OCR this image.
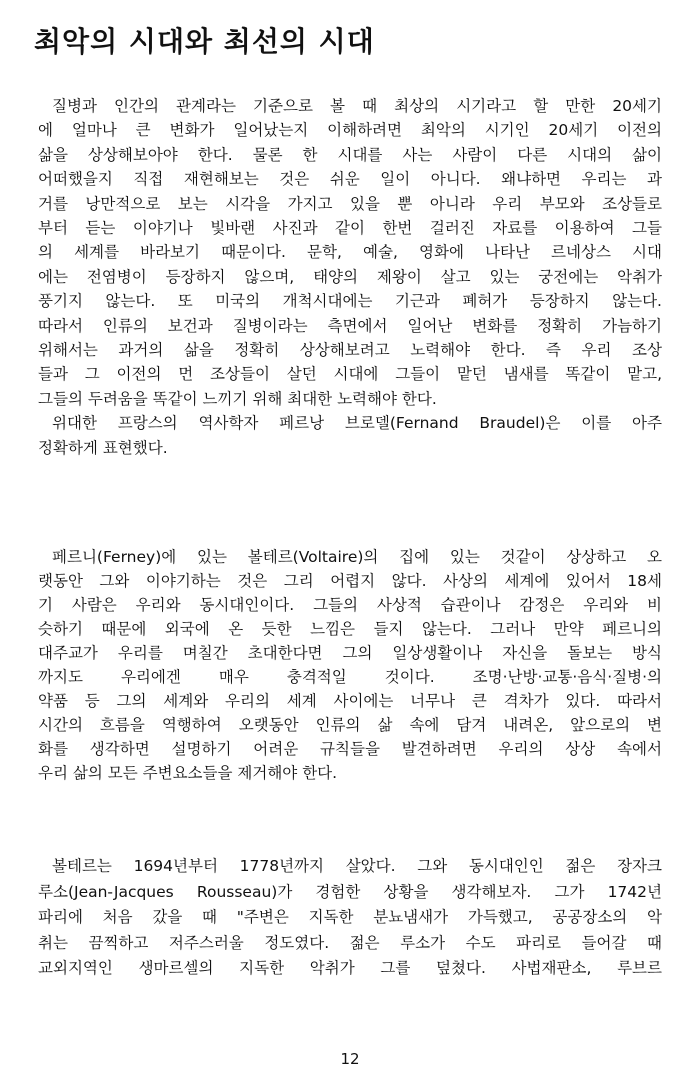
최악의 시대와 최선의 시대
질병과 인간의 관계라는 기준으로 볼 때 최상의 시기라고 할 만한 20세기
에 얼마나 큰 변화가 일어났는지 이해하려면 최악의 시기인 20세기 이전의
삶을 상상해보아야 한다. 물론 한 시대를 사는 사람이 다른 시대의 삶이
어떠했을지 직접 재현해보는 것은 쉬운 일이 아니다. 왜냐하면 우리는 과
거를 낭만적으로 보는 시각을 가지고 있을 뿐 아니라 우리 부모와 조상들로
부터 듣는 이야기나 빛바랜 사진과 같이 한번 걸러진 자료를 이용하여 그들
의 세계를 바라보기 때문이다. 문학, 예술, 영화에 나타난 르네상스 시대
에는 전염병이 등장하지 않으며, 태양의 제왕이 살고 있는 궁전에는 악취가
풍기지 않는다. 또 미국의 개척시대에는 기근과 폐허가 등장하지 않는다.
따라서 인류의 보건과 질병이라는 측면에서 일어난 변화를 정확히 가늠하기
위해서는 과거의 삶을 정확히 상상해보려고 노력해야 한다. 즉 우리 조상
들과 그 이전의 먼 조상들이 살던 시대에 그들이 맡던 냄새를 똑같이 맡고,
그들의 두려움을 똑같이 느끼기 위해 최대한 노력해야 한다.
위대한 프랑스의 역사학자 페르낭 브로델(Fernand Braudel)은 이를 아주
정확하게 표현했다.
페르니(Ferney)에 있는 볼테르(Voltaire)의 집에 있는 것같이 상상하고 오
랫동안 그와 이야기하는 것은 그리 어렵지 않다. 사상의 세계에 있어서 18세
기 사람은 우리와 동시대인이다. 그들의 사상적 습관이나 감정은 우리와 비
슷하기 때문에 외국에 온 듯한 느낌은 들지 않는다. 그러나 만약 페르니의
대주교가 우리를 며칠간 초대한다면 그의 일상생활이나 자신을 돌보는 방식
까지도 우리에겐 매우 충격적일 것이다. 조명·난방·교통·음식·질병·의
약품 등 그의 세계와 우리의 세계 사이에는 너무나 큰 격차가 있다. 따라서
시간의 흐름을 역행하여 오랫동안 인류의 삶 속에 담겨 내려온, 앞으로의 변
화를 생각하면 설명하기 어려운 규칙들을 발견하려면 우리의 상상 속에서
우리 삶의 모든 주변요소들을 제거해야 한다.
볼테르는 1694년부터 1778년까지 살았다. 그와 동시대인인 젊은 장자크
루소(Jean-Jacques Rousseau)가 경험한 상황을 생각해보자. 그가 1742년
파리에 처음 갔을 때 "주변은 지독한 분뇨냄새가 가득했고, 공공장소의 악
취는 끔찍하고 저주스러울 정도였다. 젊은 루소가 수도 파리로 들어갈 때
교외지역인 생마르셀의 지독한 악취가 그를 덮쳤다. 사법재판소, 루브르
12
